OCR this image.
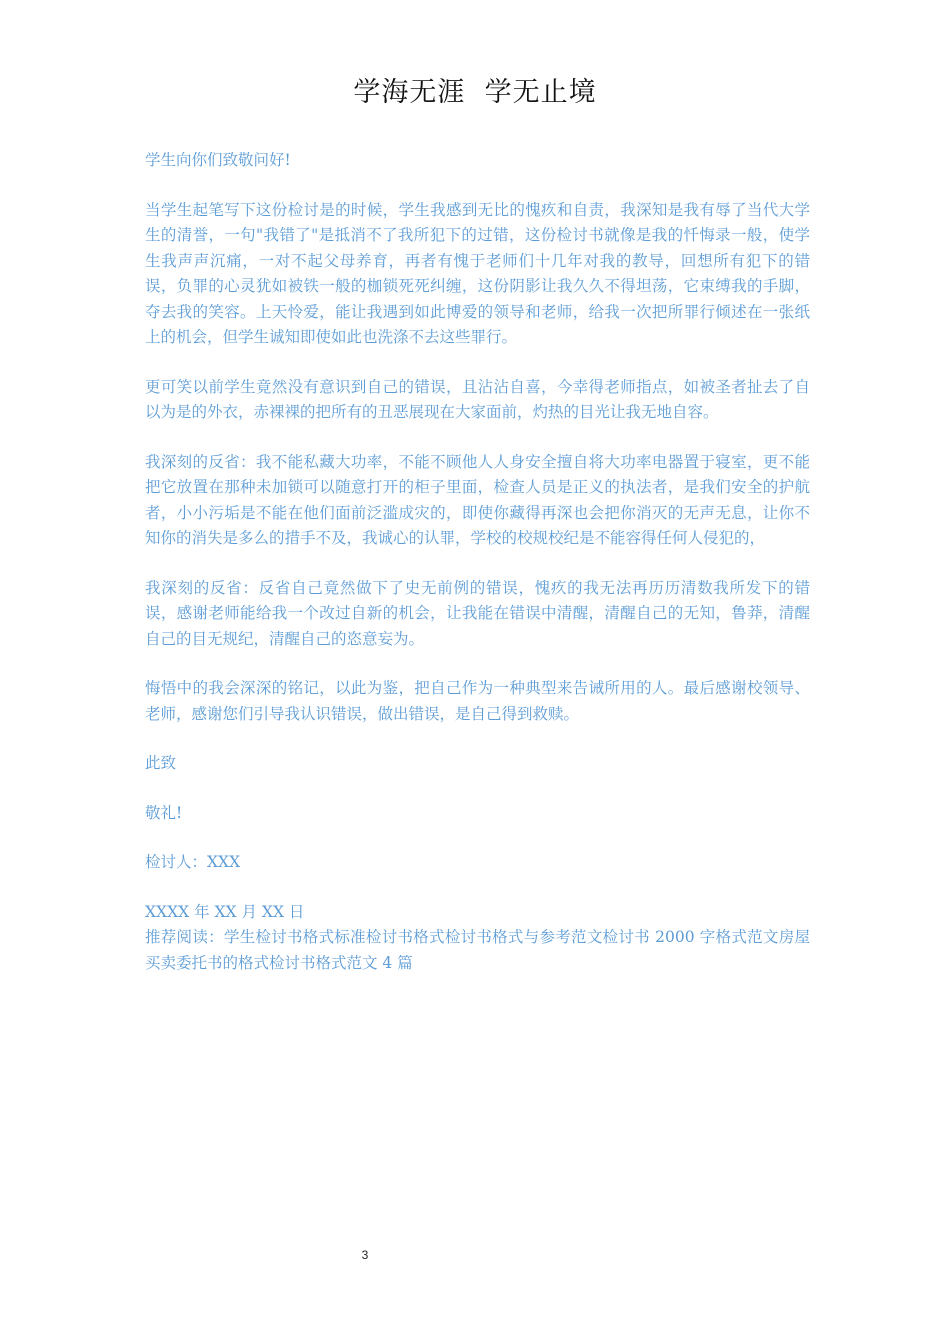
学海无涯  学无止境

学生向你们致敬问好!

当学生起笔写下这份检讨是的时候，学生我感到无比的愧疚和自责，我深知是我有辱了当代大学生的清誉，一句"我错了"是抵消不了我所犯下的过错，这份检讨书就像是我的忏悔录一般，使学生我声声沉痛，一对不起父母养育，再者有愧于老师们十几年对我的教导，回想所有犯下的错误，负罪的心灵犹如被铁一般的枷锁死死纠缠，这份阴影让我久久不得坦荡，它束缚我的手脚，夺去我的笑容。上天怜爱，能让我遇到如此博爱的领导和老师，给我一次把所罪行倾述在一张纸上的机会，但学生诚知即使如此也洗涤不去这些罪行。

更可笑以前学生竟然没有意识到自己的错误，且沾沾自喜，今幸得老师指点，如被圣者扯去了自以为是的外衣，赤裸裸的把所有的丑恶展现在大家面前，灼热的目光让我无地自容。

我深刻的反省：我不能私藏大功率，不能不顾他人人身安全擅自将大功率电器置于寝室，更不能把它放置在那种未加锁可以随意打开的柜子里面，检查人员是正义的执法者，是我们安全的护航者，小小污垢是不能在他们面前泛滥成灾的，即使你藏得再深也会把你消灭的无声无息，让你不知你的消失是多么的措手不及，我诚心的认罪，学校的校规校纪是不能容得任何人侵犯的，

我深刻的反省：反省自己竟然做下了史无前例的错误，愧疚的我无法再历历清数我所发下的错误，感谢老师能给我一个改过自新的机会，让我能在错误中清醒，清醒自己的无知，鲁莽，清醒自己的目无规纪，清醒自己的恣意妄为。

悔悟中的我会深深的铭记，以此为鉴，把自己作为一种典型来告诫所用的人。最后感谢校领导、老师，感谢您们引导我认识错误，做出错误，是自己得到救赎。

此致

敬礼!

检讨人：XXX

XXXX 年 XX 月 XX 日

推荐阅读：学生检讨书格式标准检讨书格式检讨书格式与参考范文检讨书 2000 字格式范文房屋买卖委托书的格式检讨书格式范文 4 篇

3
